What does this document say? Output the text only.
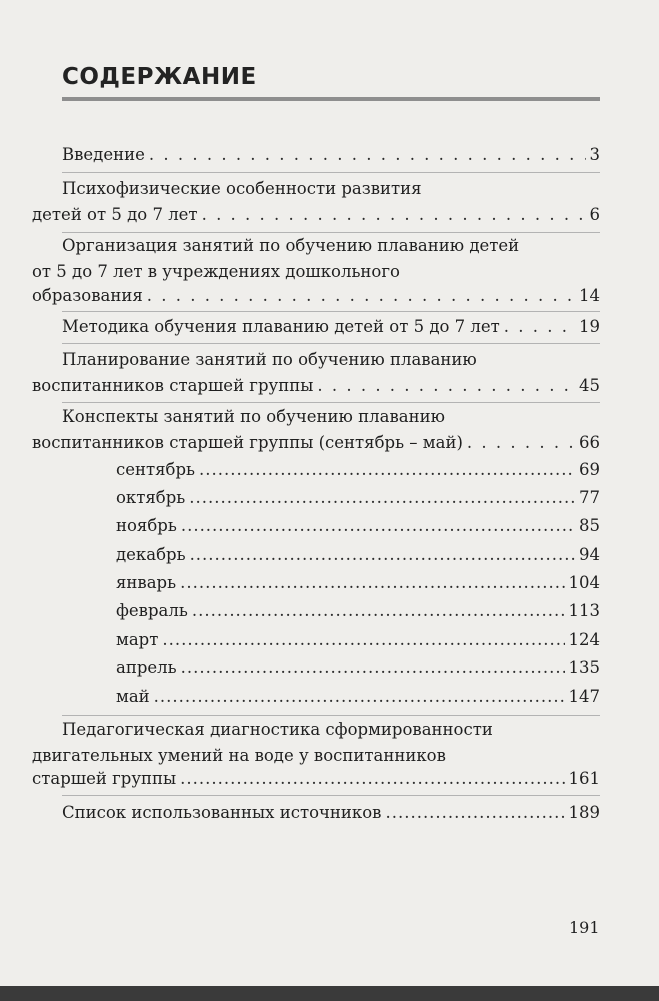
СОДЕРЖАНИЕ
Введение . . .	3
Психофизические особенности развития
детей от 5 до 7 лет . . .	6
Организация занятий по обучению плаванию детей
от 5 до 7 лет в учреждениях дошкольного
образования . . .	14
Методика обучения плаванию детей от 5 до 7 лет . . .	19
Планирование занятий по обучению плаванию
воспитанников старшей группы . . .	45
Конспекты занятий по обучению плаванию
воспитанников старшей группы (сентябрь – май) . . .	66
сентябрь .....	69
октябрь .....	77
ноябрь .....	85
декабрь .....	94
январь .....	104
февраль .....	113
март .....	124
апрель .....	135
май .....	147
Педагогическая диагностика сформированности
двигательных умений на воде у воспитанников
старшей группы .....	161
Список использованных источников .....	189
191
